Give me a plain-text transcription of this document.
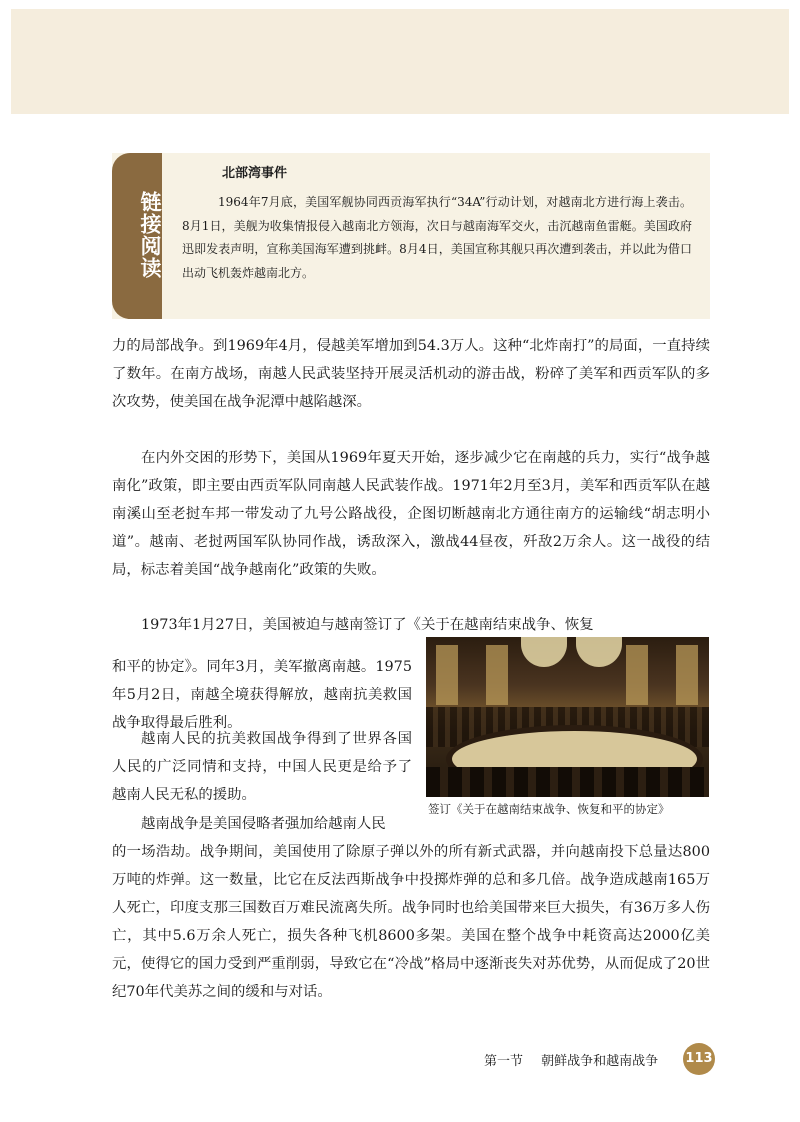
链接阅读
北部湾事件

1964年7月底，美国军舰协同西贡海军执行“34A”行动计划，对越南北方进行海上袭击。8月1日，美舰为收集情报侵入越南北方领海，次日与越南海军交火，击沉越南鱼雷艇。美国政府迅即发表声明，宣称美国海军遭到挑衅。8月4日，美国宣称其舰只再次遭到袭击，并以此为借口出动飞机轰炸越南北方。

力的局部战争。到1969年4月，侵越美军增加到54.3万人。这种“北炸南打”的局面，一直持续了数年。在南方战场，南越人民武装坚持开展灵活机动的游击战，粉碎了美军和西贡军队的多次攻势，使美国在战争泥潭中越陷越深。

在内外交困的形势下，美国从1969年夏天开始，逐步减少它在南越的兵力，实行“战争越南化”政策，即主要由西贡军队同南越人民武装作战。1971年2月至3月，美军和西贡军队在越南溪山至老挝车邦一带发动了九号公路战役，企图切断越南北方通往南方的运输线“胡志明小道”。越南、老挝两国军队协同作战，诱敌深入，激战44昼夜，歼敌2万余人。这一战役的结局，标志着美国“战争越南化”政策的失败。

1973年1月27日，美国被迫与越南签订了《关于在越南结束战争、恢复

和平的协定》。同年3月，美军撤离南越。1975年5月2日，南越全境获得解放，越南抗美救国战争取得最后胜利。

越南人民的抗美救国战争得到了世界各国人民的广泛同情和支持，中国人民更是给予了越南人民无私的援助。

越南战争是美国侵略者强加给越南人民

的一场浩劫。战争期间，美国使用了除原子弹以外的所有新式武器，并向越南投下总量达800万吨的炸弹。这一数量，比它在反法西斯战争中投掷炸弹的总和多几倍。战争造成越南165万人死亡，印度支那三国数百万难民流离失所。战争同时也给美国带来巨大损失，有36万多人伤亡，其中5.6万余人死亡，损失各种飞机8600多架。美国在整个战争中耗资高达2000亿美元，使得它的国力受到严重削弱，导致它在“冷战”格局中逐渐丧失对苏优势，从而促成了20世纪70年代美苏之间的缓和与对话。

签订《关于在越南结束战争、恢复和平的协定》
第一节 朝鲜战争和越南战争	113
